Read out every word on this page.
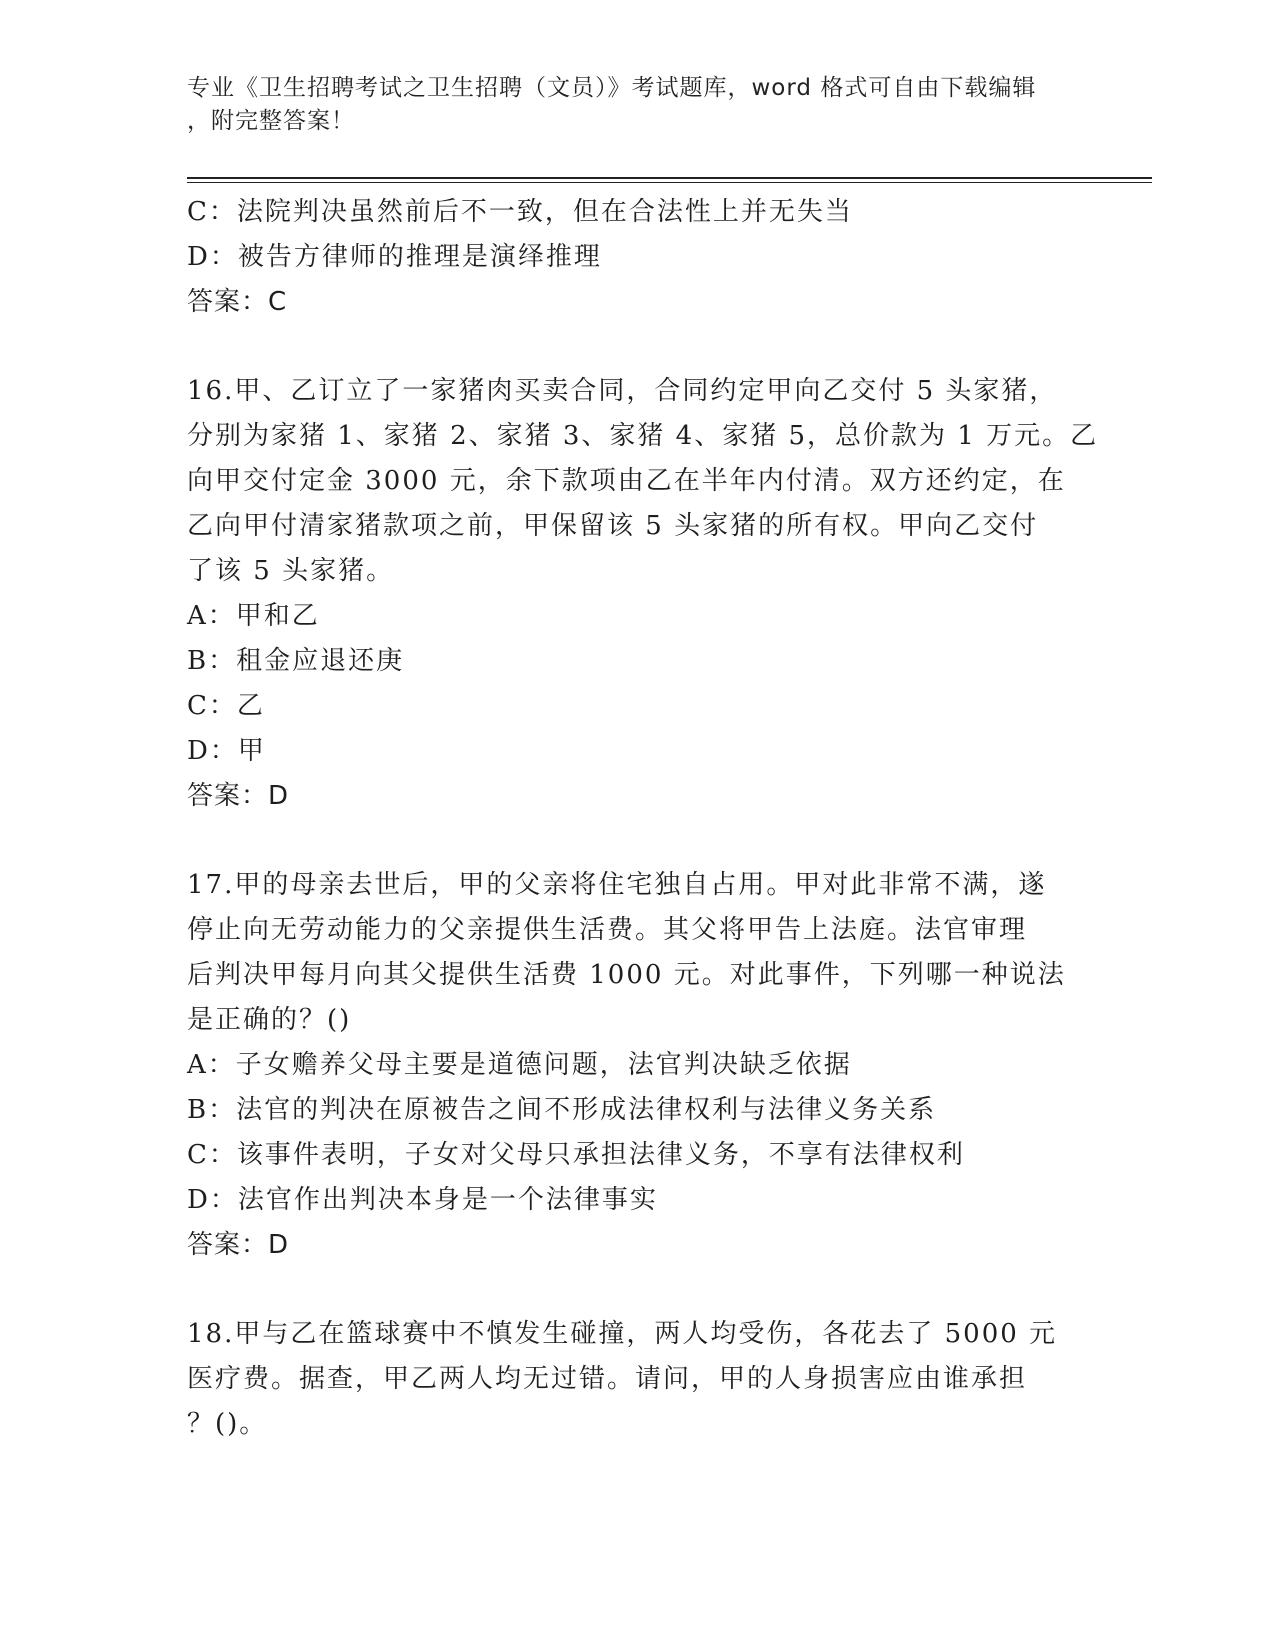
专业《卫生招聘考试之卫生招聘（文员）》考试题库，word 格式可自由下载编辑
，附完整答案！
C：法院判决虽然前后不一致，但在合法性上并无失当
D：被告方律师的推理是演绎推理
答案：C
16.甲、乙订立了一家猪肉买卖合同，合同约定甲向乙交付 5 头家猪，
分别为家猪 1、家猪 2、家猪 3、家猪 4、家猪 5，总价款为 1 万元。乙
向甲交付定金 3000 元，余下款项由乙在半年内付清。双方还约定，在
乙向甲付清家猪款项之前，甲保留该 5 头家猪的所有权。甲向乙交付
了该 5 头家猪。
A：甲和乙
B：租金应退还庚
C：乙
D：甲
答案：D
17.甲的母亲去世后，甲的父亲将住宅独自占用。甲对此非常不满，遂
停止向无劳动能力的父亲提供生活费。其父将甲告上法庭。法官审理
后判决甲每月向其父提供生活费 1000 元。对此事件，下列哪一种说法
是正确的？()
A：子女赡养父母主要是道德问题，法官判决缺乏依据
B：法官的判决在原被告之间不形成法律权利与法律义务关系
C：该事件表明，子女对父母只承担法律义务，不享有法律权利
D：法官作出判决本身是一个法律事实
答案：D
18.甲与乙在篮球赛中不慎发生碰撞，两人均受伤，各花去了 5000 元
医疗费。据查，甲乙两人均无过错。请问，甲的人身损害应由谁承担
？()。
